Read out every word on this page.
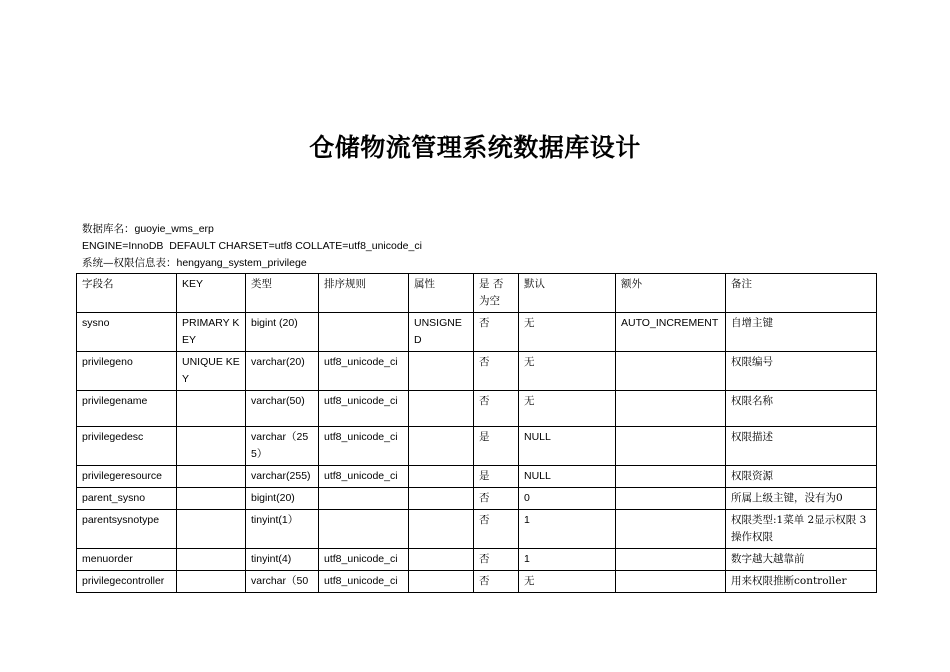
仓储物流管理系统数据库设计
数据库名：guoyie_wms_erp
ENGINE=InnoDB  DEFAULT CHARSET=utf8 COLLATE=utf8_unicode_ci
系统—权限信息表：hengyang_system_privilege
字段名	KEY	类型	排序规则	属性	是 否为空	默认	额外	备注
sysno	PRIMARY KEY	bigint (20)		UNSIGNED	否	无	AUTO_INCREMENT	自增主键
privilegeno	UNIQUE KEY	varchar(20)	utf8_unicode_ci		否	无		权限编号
privilegename		varchar(50)	utf8_unicode_ci		否	无		权限名称
privilegedesc		varchar（255）	utf8_unicode_ci		是	NULL		权限描述
privilegeresource		varchar(255)	utf8_unicode_ci		是	NULL		权限资源
parent_sysno		bigint(20)			否	0		所属上级主键，没有为0
parentsysnotype		tinyint(1）			否	1		权限类型:1菜单 2显示权限 3操作权限
menuorder		tinyint(4)	utf8_unicode_ci		否	1		数字越大越靠前
privilegecontroller		varchar（50	utf8_unicode_ci		否	无		用来权限推断controller
